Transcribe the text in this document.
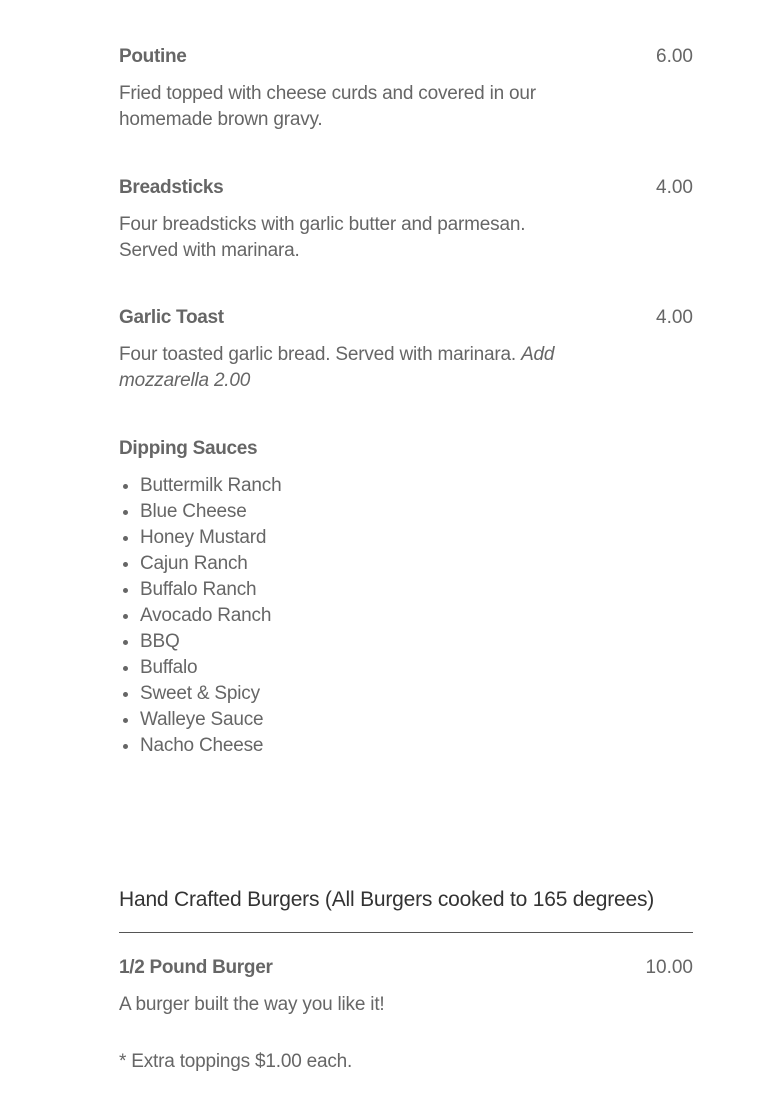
Poutine	6.00
Fried topped with cheese curds and covered in our homemade brown gravy.
Breadsticks	4.00
Four breadsticks with garlic butter and parmesan. Served with marinara.
Garlic Toast	4.00
Four toasted garlic bread. Served with marinara. Add mozzarella 2.00
Dipping Sauces
• Buttermilk Ranch
• Blue Cheese
• Honey Mustard
• Cajun Ranch
• Buffalo Ranch
• Avocado Ranch
• BBQ
• Buffalo
• Sweet & Spicy
• Walleye Sauce
• Nacho Cheese
Hand Crafted Burgers (All Burgers cooked to 165 degrees)
1/2 Pound Burger	10.00
A burger built the way you like it!
* Extra toppings $1.00 each.
